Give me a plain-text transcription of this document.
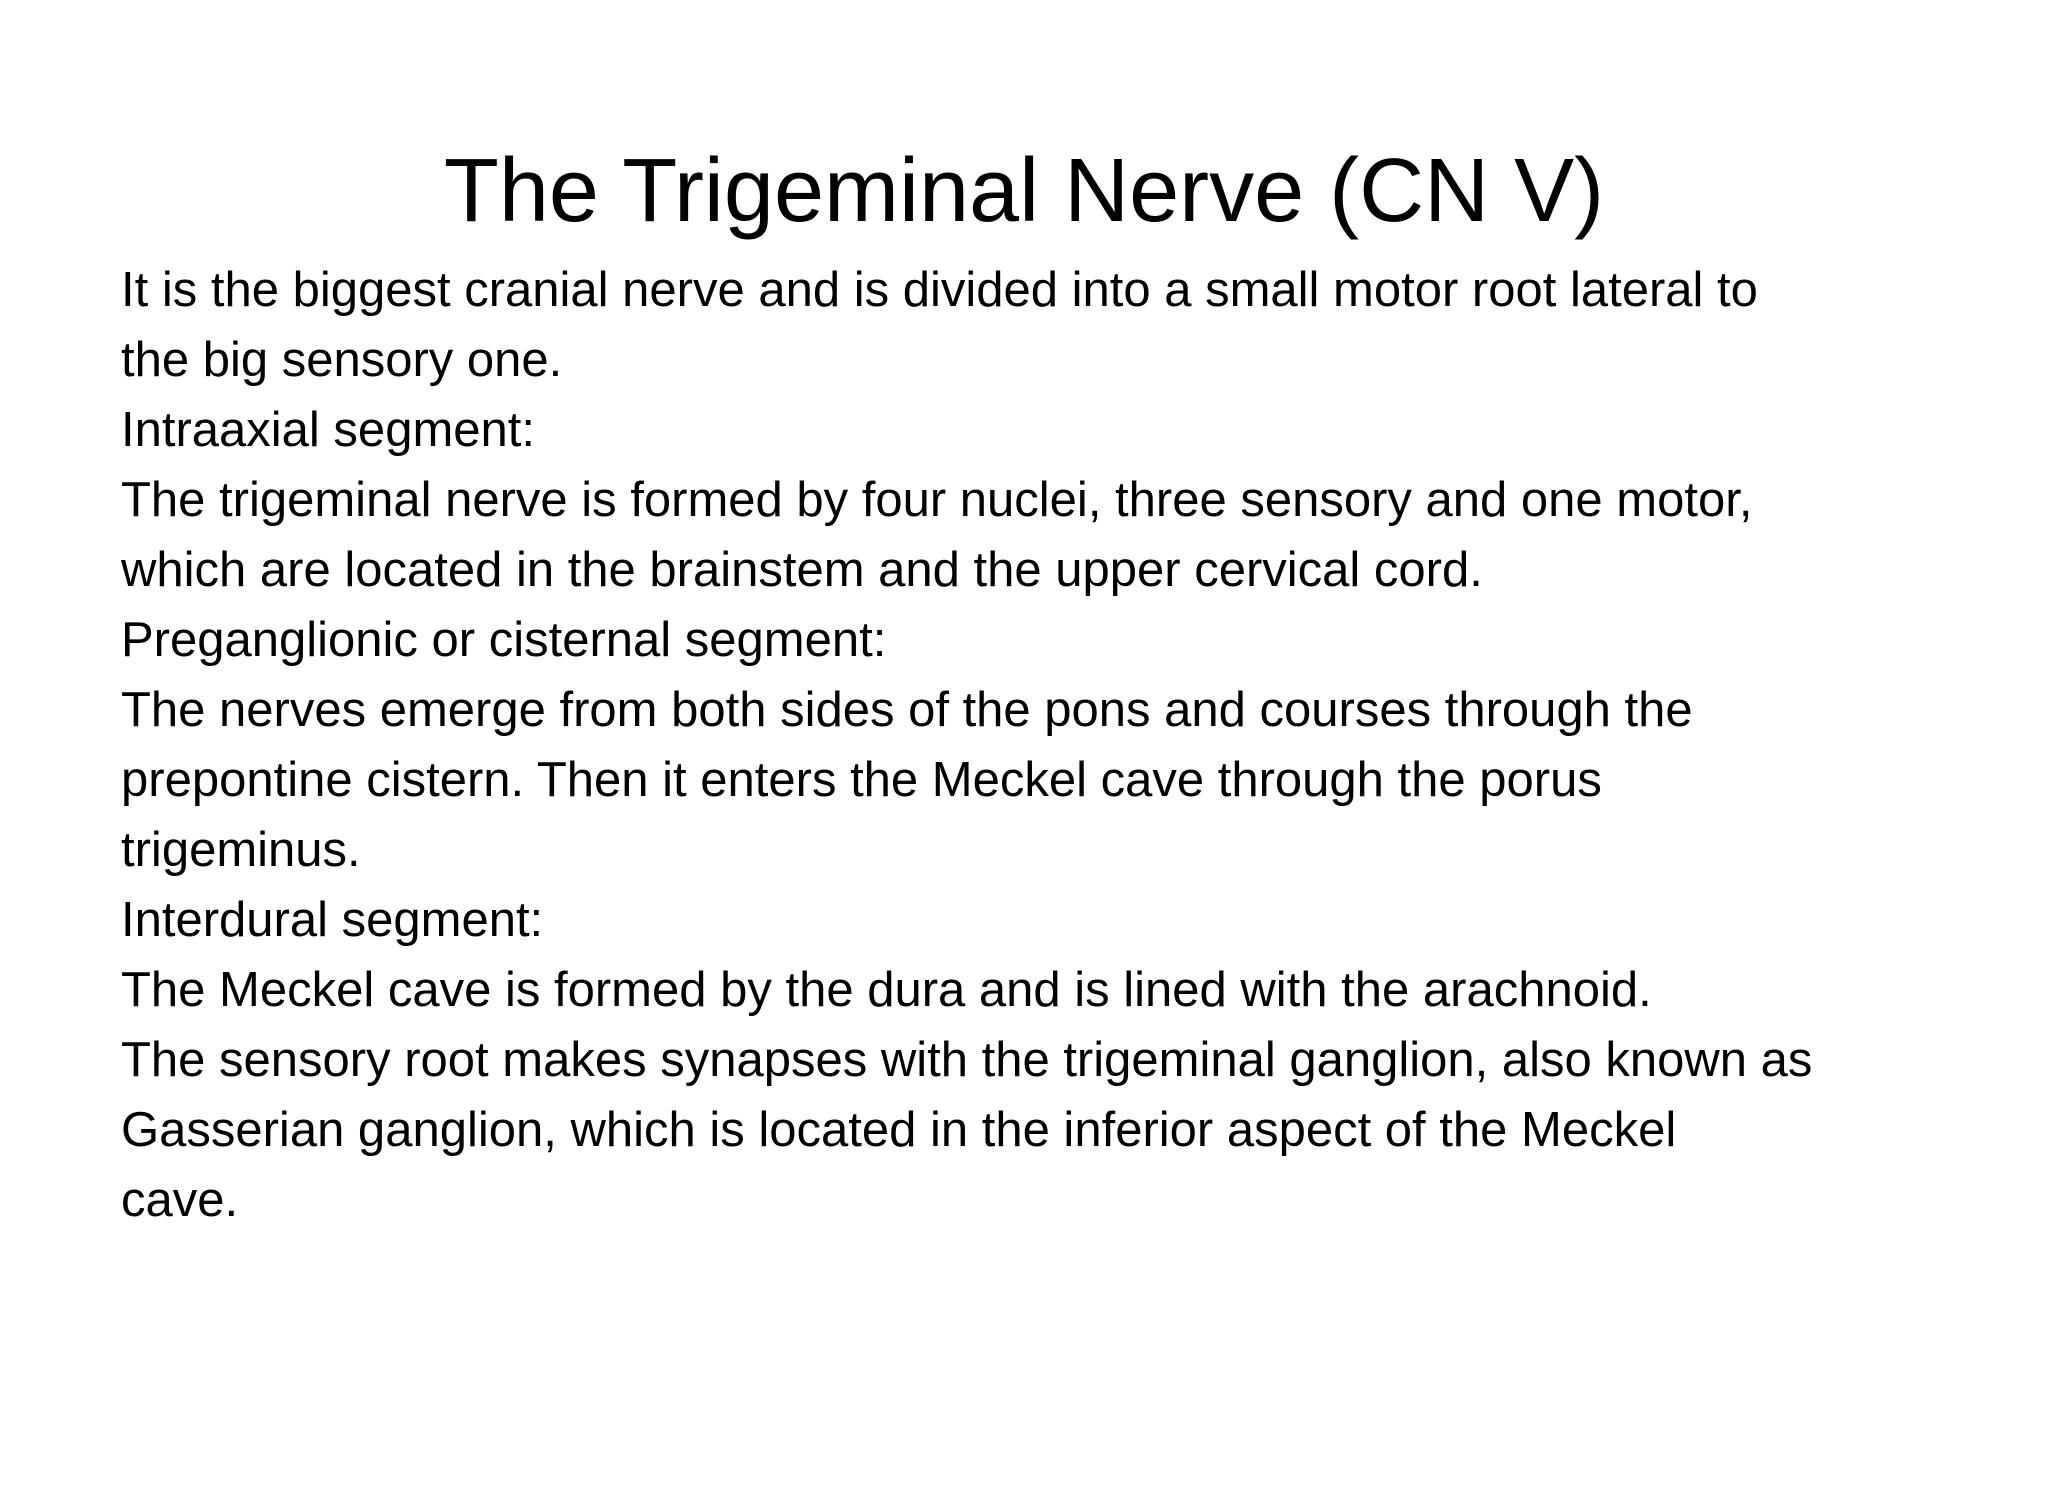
The Trigeminal Nerve (CN V)

It is the biggest cranial nerve and is divided into a small motor root lateral to

the big sensory one.

Intraaxial segment:

The trigeminal nerve is formed by four nuclei, three sensory and one motor,

which are located in the brainstem and the upper cervical cord.

Preganglionic or cisternal segment:

The nerves emerge from both sides of the pons and courses through the

prepontine cistern. Then it enters the Meckel cave through the porus

trigeminus.

Interdural segment:

The Meckel cave is formed by the dura and is lined with the arachnoid.

The sensory root makes synapses with the trigeminal ganglion, also known as

Gasserian ganglion, which is located in the inferior aspect of the Meckel

cave.
